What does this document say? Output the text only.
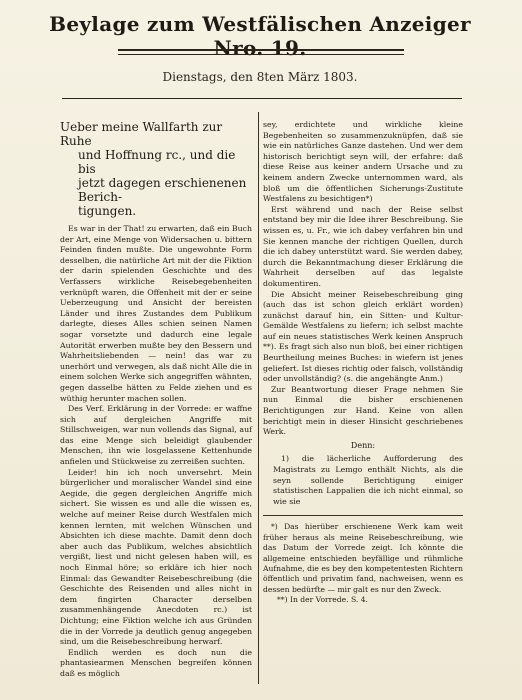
Beylage zum Westfälischen Anzeiger Nro. 19.
Dienstags, den 8ten März 1803.
Ueber meine Wallfarth zur Ruhe
und Hoffnung rc., und die bis
jetzt dagegen erschienenen Berich-
tigungen.

Es war in der That! zu erwarten, daß ein Buch der Art, eine Menge von Widersachen u. bittern Feinden finden mußte. Die ungewohnte Form desselben, die natürliche Art mit der die Fiktion der darin spielenden Geschichte und des Verfassers wirkliche Reisebegebenheiten verknüpft waren, die Offenheit mit der er seine Ueberzeugung und Ansicht der bereisten Länder und ihres Zustandes dem Publikum darlegte, dieses Alles schien seinen Namen sogar vorsetzte und dadurch eine legale Autorität erwerben mußte bey den Bessern und Wahrheitsliebenden — nein! das war zu unerhört und verwegen, als daß nicht Alle die in einem solchen Werke sich angegriffen wähnten, gegen dasselbe hätten zu Felde ziehen und es wüthig herunter machen sollen.

Des Verf. Erklärung in der Vorrede: er waffne sich auf dergleichen Angriffe mit Stillschweigen, war nun vollends das Signal, auf das eine Menge sich beleidigt glaubender Menschen, ihn wie losgelassene Kettenhunde anfielen und Stückweise zu zerreißen suchten.

Leider! hin ich noch unversehrt. Mein bürgerlicher und moralischer Wandel sind eine Aegide, die gegen dergleichen Angriffe mich sichert. Sie wissen es und alle die wissen es, welche auf meiner Reise durch Westfalen mich kennen lernten, mit welchen Wünschen und Absichten ich diese machte. Damit denn doch aber auch das Publikum, welches absichtlich vergißt, liest und nicht gelesen haben will, es noch Einmal höre; so erkläre ich hier noch Einmal: das Gewandter Reisebeschreibung (die Geschichte des Reisenden und alles nicht in dem fingirten Character derselben zusammenhängende Anecdoten rc.) ist Dichtung; eine Fiktion welche ich aus Gründen die in der Vorrede ja deutlich genug angegeben sind, um die Reisebeschreibung herwarf.

Endlich werden es doch nun die phantasiearmen Menschen begreifen können daß es möglich

sey, erdichtete und wirkliche kleine Begebenheiten so zusammenzuknüpfen, daß sie wie ein natürliches Ganze dastehen. Und wer dem historisch berichtigt seyn will, der erfahre: daß diese Reise aus keiner andern Ursache und zu keinem andern Zwecke unternommen ward, als bloß um die öffentlichen Sicherungs-Zustitute Westfalens zu besichtigen*)

Erst während und nach der Reise selbst entstand bey mir die Idee ihrer Beschreibung. Sie wissen es, u. Fr., wie ich dabey verfahren bin und Sie kennen manche der richtigen Quellen, durch die ich dabey unterstützt ward. Sie werden dabey, durch die Bekanntmachung dieser Erklärung die Wahrheit derselben auf das legalste dokumentiren.

Die Absicht meiner Reisebeschreibung ging (auch das ist schon gleich erklärt worden) zunächst darauf hin, ein Sitten- und Kultur-Gemälde Westfalens zu liefern; ich selbst machte auf ein neues statistisches Werk keinen Anspruch **). Es fragt sich also nun bloß, bei einer richtigen Beurtheilung meines Buches: in wiefern ist jenes geliefert. Ist dieses richtig oder falsch, vollständig oder unvollständig? (s. die angehängte Anm.)

Zur Beantwortung dieser Frage nehmen Sie nun Einmal die bisher erschienenen Berichtigungen zur Hand. Keine von allen berichtigt mein in dieser Hinsicht geschriebenes Werk.

Denn:

1) die lächerliche Aufforderung des Magistrats zu Lemgo enthält Nichts, als die seyn sollende Berichtigung einiger statistischen Lappalien die ich nicht einmal, so wie sie

*) Das hierüber erschienene Werk kam weit früher heraus als meine Reisebeschreibung, wie das Datum der Vorrede zeigt. Ich könnte die allgemeine entschieden beyfällige und rühmliche Aufnahme, die es bey den kompetentesten Richtern öffentlich und privatim fand, nachweisen, wenn es dessen bedürfte — mir galt es nur den Zweck.

**) In der Vorrede. S. 4.
